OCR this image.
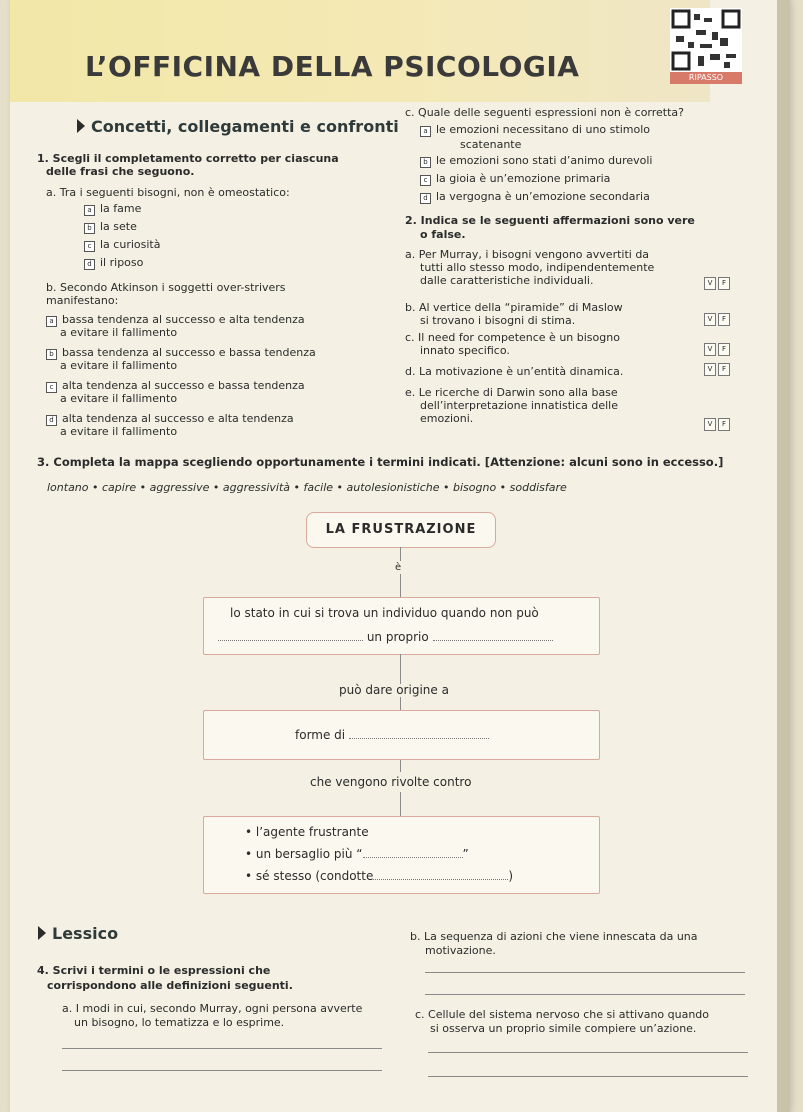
L’OFFICINA DELLA PSICOLOGIA	RIPASSO
Concetti, collegamenti e confronti
1. Scegli il completamento corretto per ciascuna
delle frasi che seguono.
a. Tra i seguenti bisogni, non è omeostatico:
a la fame
b la sete
c la curiosità
d il riposo
b. Secondo Atkinson i soggetti over-strivers
manifestano:
a bassa tendenza al successo e alta tendenza
a evitare il fallimento
b bassa tendenza al successo e bassa tendenza
a evitare il fallimento
c alta tendenza al successo e bassa tendenza
a evitare il fallimento
d alta tendenza al successo e alta tendenza
a evitare il fallimento
c. Quale delle seguenti espressioni non è corretta?
a le emozioni necessitano di uno stimolo
scatenante
b le emozioni sono stati d’animo durevoli
c la gioia è un’emozione primaria
d la vergogna è un’emozione secondaria
2. Indica se le seguenti affermazioni sono vere
o false.
a. Per Murray, i bisogni vengono avvertiti da
tutti allo stesso modo, indipendentemente
dalle caratteristiche individuali.	V	F
b. Al vertice della “piramide” di Maslow
si trovano i bisogni di stima.	V	F
c. Il need for competence è un bisogno
innato specifico.	V	F
d. La motivazione è un’entità dinamica.	V	F
e. Le ricerche di Darwin sono alla base
dell’interpretazione innatistica delle
emozioni.	V	F
3. Completa la mappa scegliendo opportunamente i termini indicati. [Attenzione: alcuni sono in eccesso.]
lontano • capire • aggressive • aggressività • facile • autolesionistiche • bisogno • soddisfare
LA FRUSTRAZIONE
è
lo stato in cui si trova un individuo quando non può
un proprio
può dare origine a
forme di
che vengono rivolte contro
• l’agente frustrante
• un bersaglio più “	”
• sé stesso (condotte	)
Lessico
4. Scrivi i termini o le espressioni che
corrispondono alle definizioni seguenti.
a. I modi in cui, secondo Murray, ogni persona avverte
un bisogno, lo tematizza e lo esprime.
b. La sequenza di azioni che viene innescata da una
motivazione.
c. Cellule del sistema nervoso che si attivano quando
si osserva un proprio simile compiere un’azione.
